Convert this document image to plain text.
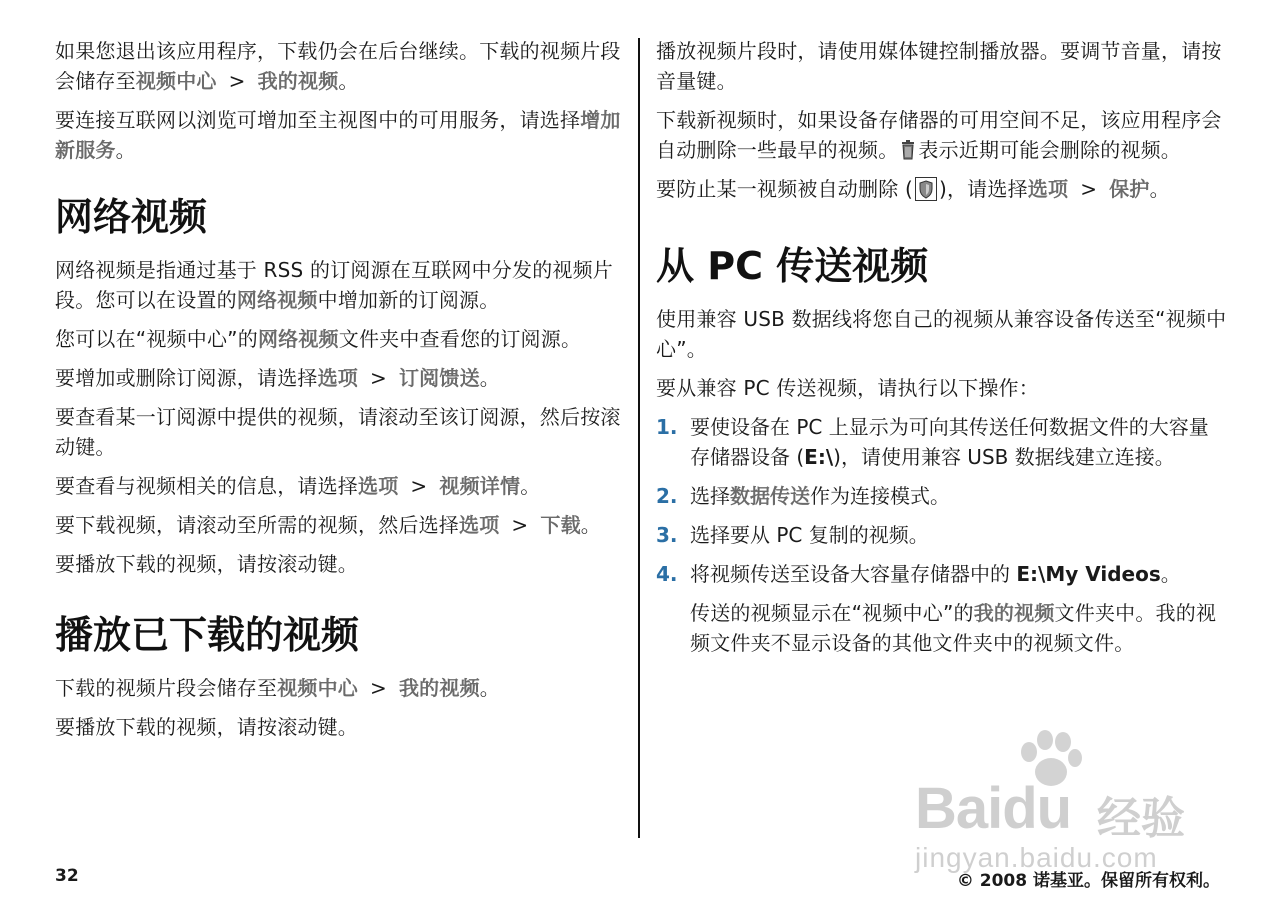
如果您退出该应用程序，下载仍会在后台继续。下载的视频片段会储存至视频中心 > 我的视频。

要连接互联网以浏览可增加至主视图中的可用服务，请选择增加新服务。

网络视频

网络视频是指通过基于 RSS 的订阅源在互联网中分发的视频片段。您可以在设置的网络视频中增加新的订阅源。

您可以在“视频中心”的网络视频文件夹中查看您的订阅源。

要增加或删除订阅源，请选择选项 > 订阅馈送。

要查看某一订阅源中提供的视频，请滚动至该订阅源，然后按滚动键。

要查看与视频相关的信息，请选择选项 > 视频详情。

要下载视频，请滚动至所需的视频，然后选择选项 > 下载。

要播放下载的视频，请按滚动键。

播放已下载的视频

下载的视频片段会储存至视频中心 > 我的视频。

要播放下载的视频，请按滚动键。

播放视频片段时，请使用媒体键控制播放器。要调节音量，请按音量键。

下载新视频时，如果设备存储器的可用空间不足，该应用程序会自动删除一些最早的视频。 表示近期可能会删除的视频。

要防止某一视频被自动删除 ( )，请选择选项 > 保护。

从 PC 传送视频

使用兼容 USB 数据线将您自己的视频从兼容设备传送至“视频中心”。

要从兼容 PC 传送视频，请执行以下操作：

1. 要使设备在 PC 上显示为可向其传送任何数据文件的大容量存储器设备 (E:\)，请使用兼容 USB 数据线建立连接。
2. 选择数据传送作为连接模式。
3. 选择要从 PC 复制的视频。
4. 将视频传送至设备大容量存储器中的 E:\My Videos。

传送的视频显示在“视频中心”的我的视频文件夹中。我的视频文件夹不显示设备的其他文件夹中的视频文件。

Baidu 经验
jingyan.baidu.com
32	© 2008 诺基亚。保留所有权利。
